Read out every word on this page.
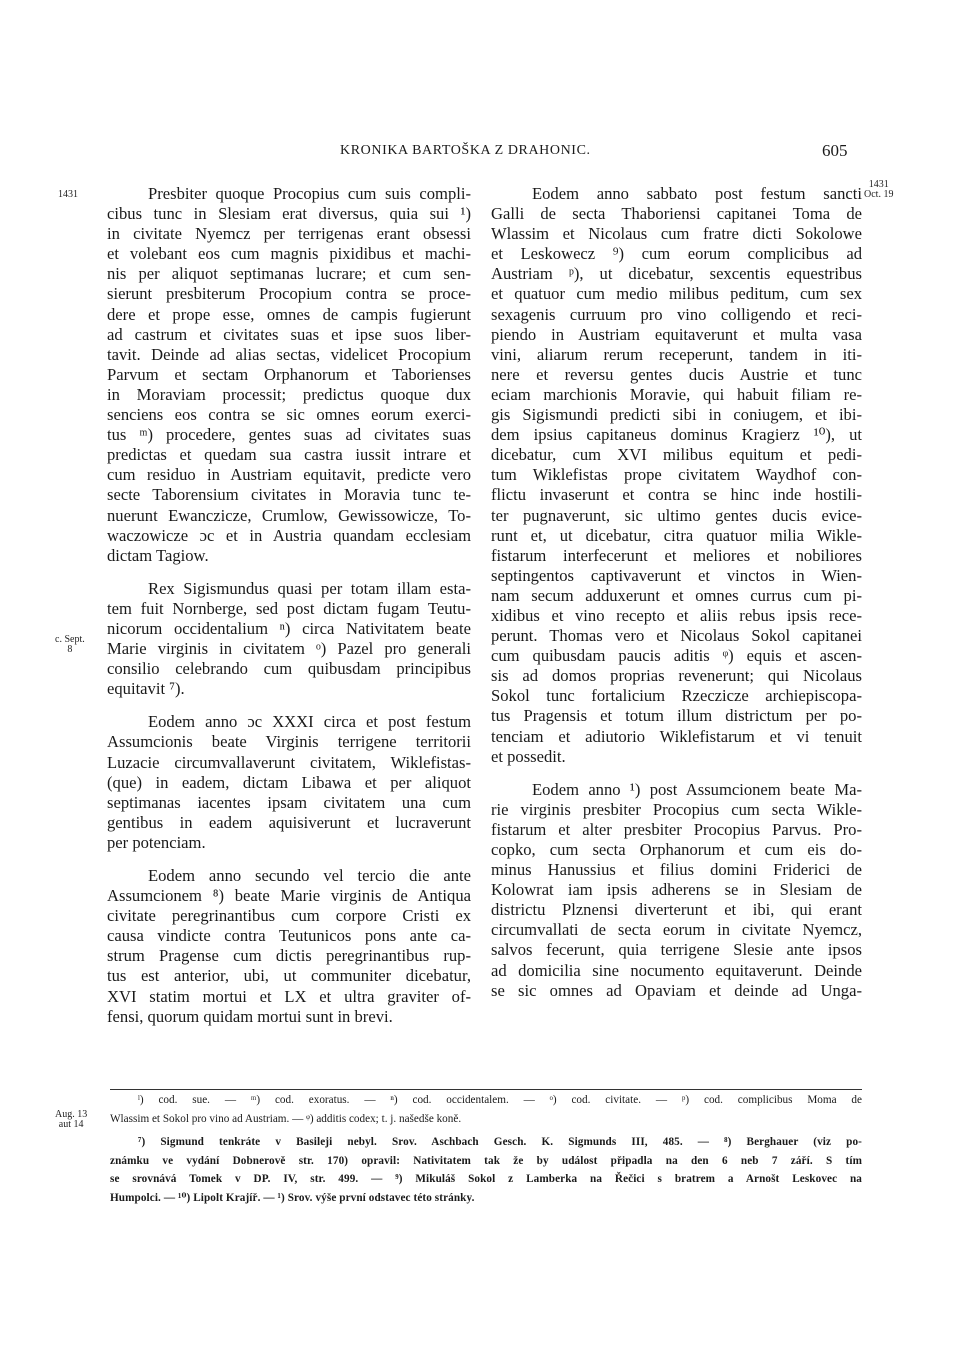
KRONIKA BARTOŠKA Z DRAHONIC.	605
1431
c. Sept.
8
Aug. 13
aut 14
1431
Oct. 19
Presbiter quoque Procopius cum suis compli-
cibus tunc in Slesiam erat diversus, quia sui ¹)
in civitate Nyemcz per terrigenas erant obsessi
et volebant eos cum magnis pixidibus et machi-
nis per aliquot septimanas lucrare; et cum sen-
sierunt presbiterum Procopium contra se proce-
dere et prope esse, omnes de campis fugierunt
ad castrum et civitates suas et ipse suos liber-
tavit. Deinde ad alias sectas, videlicet Procopium
Parvum et sectam Orphanorum et Taborienses
in Moraviam processit; predictus quoque dux
senciens eos contra se sic omnes eorum exerci-
tus ᵐ) procedere, gentes suas ad civitates suas
predictas et quedam sua castra iussit intrare et
cum residuo in Austriam equitavit, predicte vero
secte Taborensium civitates in Moravia tunc te-
nuerunt Ewanczicze, Crumlow, Gewissowicze, To-
waczowicze ɔc et in Austria quandam ecclesiam
dictam Tagiow.
Rex Sigismundus quasi per totam illam esta-
tem fuit Nornberge, sed post dictam fugam Teutu-
nicorum occidentalium ⁿ) circa Nativitatem beate
Marie virginis in civitatem ᵒ) Pazel pro generali
consilio celebrando cum quibusdam principibus
equitavit ⁷).
Eodem anno ɔc XXXI circa et post festum
Assumcionis beate Virginis terrigene territorii
Luzacie circumvallaverunt civitatem, Wiklefistas-
(que) in eadem, dictam Libawa et per aliquot
septimanas iacentes ipsam civitatem una cum
gentibus in eadem aquisiverunt et lucraverunt
per potenciam.
Eodem anno secundo vel tercio die ante
Assumcionem ⁸) beate Marie virginis de Antiqua
civitate peregrinantibus cum corpore Cristi ex
causa vindicte contra Teutunicos pons ante ca-
strum Pragense cum dictis peregrinantibus rup-
tus est anterior, ubi, ut communiter dicebatur,
XVI statim mortui et LX et ultra graviter of-
fensi, quorum quidam mortui sunt in brevi.
Eodem anno sabbato post festum sancti
Galli de secta Thaboriensi capitanei Toma de
Wlassim et Nicolaus cum fratre dicti Sokolowe
et Leskowecz ⁹) cum eorum complicibus ad
Austriam ᵖ), ut dicebatur, sexcentis equestribus
et quatuor cum medio milibus peditum, cum sex
sexagenis curruum pro vino colligendo et reci-
piendo in Austriam equitaverunt et multa vasa
vini, aliarum rerum receperunt, tandem in iti-
nere et reversu gentes ducis Austrie et tunc
eciam marchionis Moravie, qui habuit filiam re-
gis Sigismundi predicti sibi in coniugem, et ibi-
dem ipsius capitaneus dominus Kragierz ¹⁰), ut
dicebatur, cum XVI milibus equitum et pedi-
tum Wiklefistas prope civitatem Waydhof con-
flictu invaserunt et contra se hinc inde hostili-
ter pugnaverunt, sic ultimo gentes ducis evice-
runt et, ut dicebatur, citra quatuor milia Wikle-
fistarum interfecerunt et meliores et nobiliores
septingentos captivaverunt et vinctos in Wien-
nam secum adduxerunt et omnes currus cum pi-
xidibus et vino recepto et aliis rebus ipsis rece-
perunt. Thomas vero et Nicolaus Sokol capitanei
cum quibusdam paucis aditis ᵠ) equis et ascen-
sis ad domos proprias revenerunt; qui Nicolaus
Sokol tunc fortalicium Rzeczicze archiepiscopa-
tus Pragensis et totum illum districtum per po-
tenciam et adiutorio Wiklefistarum et vi tenuit
et possedit.
Eodem anno ¹) post Assumcionem beate Ma-
rie virginis presbiter Procopius cum secta Wikle-
fistarum et alter presbiter Procopius Parvus. Pro-
copko, cum secta Orphanorum et cum eis do-
minus Hanussius et filius domini Friderici de
Kolowrat iam ipsis adherens se in Slesiam de
districtu Plznensi diverterunt et ibi, qui erant
circumvallati de secta eorum in civitate Nyemcz,
salvos fecerunt, quia terrigene Slesie ante ipsos
ad domicilia sine nocumento equitaverunt. Deinde
se sic omnes ad Opaviam et deinde ad Unga-
ˡ) cod. sue. — ᵐ) cod. exoratus. — ⁿ) cod. occidentalem. — ᵒ) cod. civitate. — ᵖ) cod. complicibus Moma de
Wlassim et Sokol pro vino ad Austriam. — ᵠ) additis codex; t. j. našedše koně.
⁷) Sigmund tenkráte v Basileji nebyl. Srov. Aschbach Gesch. K. Sigmunds III, 485. — ⁸) Berghauer (viz po-
známku ve vydání Dobnerově str. 170) opravil: Nativitatem tak že by událost připadla na den 6 neb 7 září. S tím
se srovnává Tomek v DP. IV, str. 499. — ⁹) Mikuláš Sokol z Lamberka na Řečici s bratrem a Arnošt Leskovec na
Humpolci. — ¹⁰) Lipolt Krajíř. — ¹) Srov. výše první odstavec této stránky.
